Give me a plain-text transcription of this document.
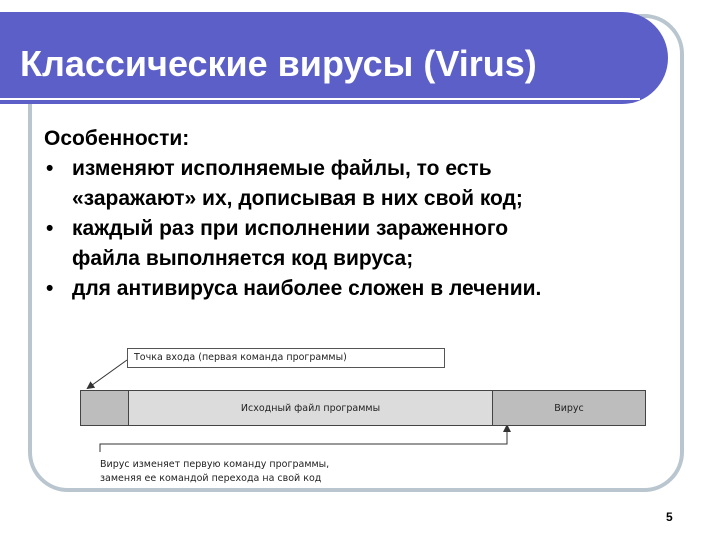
Классические вирусы (Virus)

Особенности:

• изменяют исполняемые файлы, то есть
«заражают» их, дописывая в них свой код;
• каждый раз при исполнении зараженного
файла выполняется код вируса;
• для антивируса наиболее сложен в лечении.
Точка входа (первая команда программы)
Исходный файл программы	Вирус
Вирус изменяет первую команду программы,
заменяя ее командой перехода на свой код
5
